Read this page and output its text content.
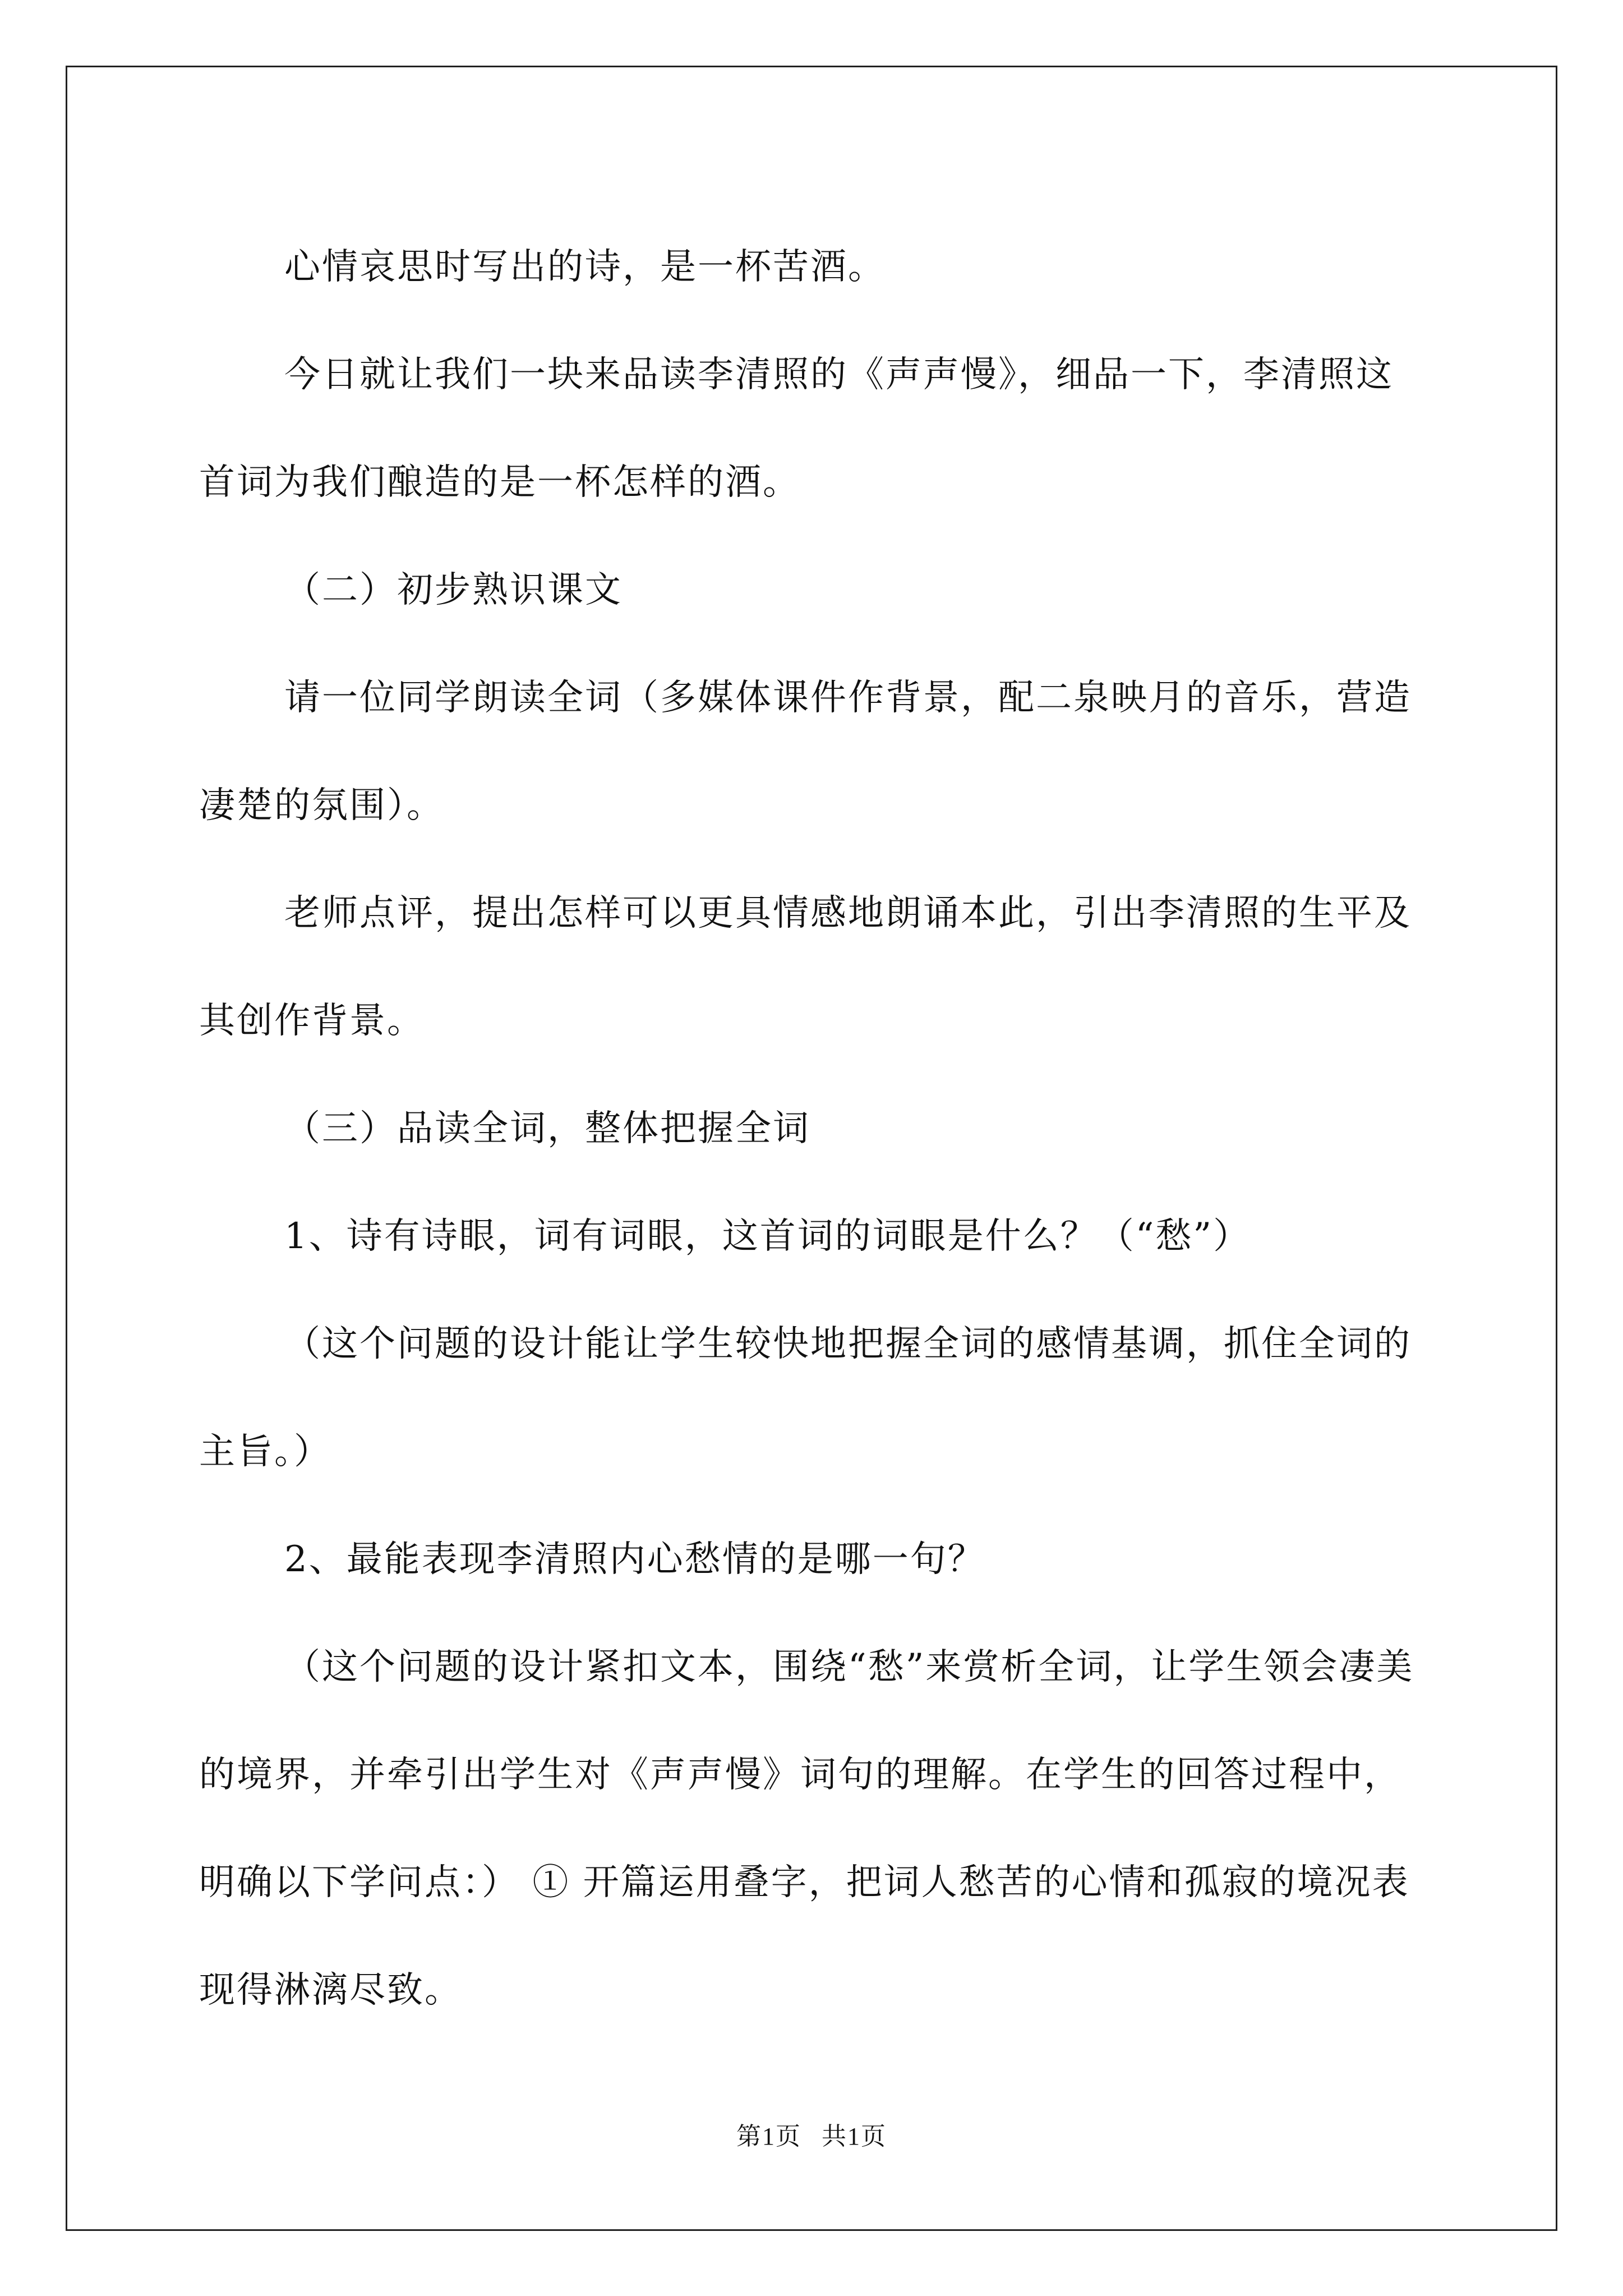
心情哀思时写出的诗，是一杯苦酒。

今日就让我们一块来品读李清照的《声声慢》，细品一下，李清照这首词为我们酿造的是一杯怎样的酒。

（二）初步熟识课文

请一位同学朗读全词（多媒体课件作背景，配二泉映月的音乐，营造凄楚的氛围）。

老师点评，提出怎样可以更具情感地朗诵本此，引出李清照的生平及其创作背景。

（三）品读全词，整体把握全词

1、诗有诗眼，词有词眼，这首词的词眼是什么？（“愁”）

（这个问题的设计能让学生较快地把握全词的感情基调，抓住全词的主旨。）

2、最能表现李清照内心愁情的是哪一句？

（这个问题的设计紧扣文本，围绕“愁”来赏析全词，让学生领会凄美的境界，并牵引出学生对《声声慢》词句的理解。在学生的回答过程中，明确以下学问点：） ① 开篇运用叠字，把词人愁苦的心情和孤寂的境况表现得淋漓尽致。

第1页 共1页
